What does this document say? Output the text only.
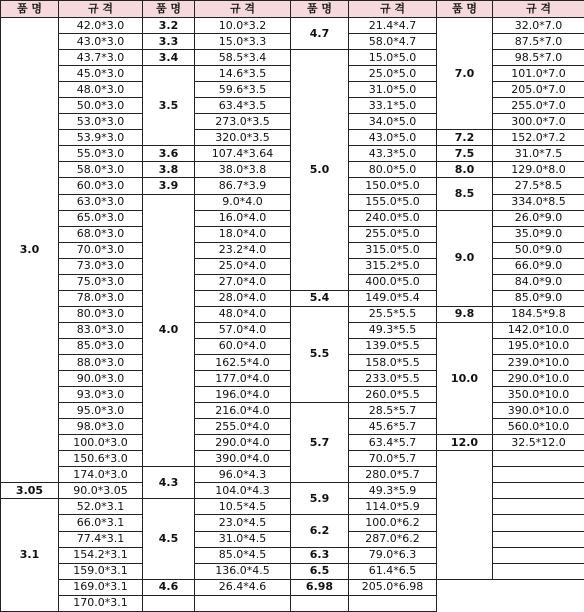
품 명	규 격	품 명	규 격	품 명	규 격	품 명	규 격
3.0	42.0*3.0	3.2	10.0*3.2	4.7	21.4*4.7	7.0	32.0*7.0
	43.0*3.0	3.3	15.0*3.3		58.0*4.7		87.5*7.0
	43.7*3.0	3.4	58.5*3.4	5.0	15.0*5.0		98.5*7.0
	45.0*3.0	3.5	14.6*3.5		25.0*5.0		101.0*7.0
	48.0*3.0		59.6*3.5		31.0*5.0		205.0*7.0
	50.0*3.0		63.4*3.5		33.1*5.0		255.0*7.0
	53.0*3.0		273.0*3.5		34.0*5.0		300.0*7.0
	53.9*3.0		320.0*3.5		43.0*5.0	7.2	152.0*7.2
	55.0*3.0	3.6	107.4*3.64		43.3*5.0	7.5	31.0*7.5
	58.0*3.0	3.8	38.0*3.8		80.0*5.0	8.0	129.0*8.0
	60.0*3.0	3.9	86.7*3.9		150.0*5.0	8.5	27.5*8.5
	63.0*3.0	4.0	9.0*4.0		155.0*5.0		334.0*8.5
	65.0*3.0		16.0*4.0		240.0*5.0	9.0	26.0*9.0
	68.0*3.0		18.0*4.0		255.0*5.0		35.0*9.0
	70.0*3.0		23.2*4.0		315.0*5.0		50.0*9.0
	73.0*3.0		25.0*4.0		315.2*5.0		66.0*9.0
	75.0*3.0		27.0*4.0		400.0*5.0		84.0*9.0
	78.0*3.0		28.0*4.0	5.4	149.0*5.4		85.0*9.0
	80.0*3.0		48.0*4.0	5.5	25.5*5.5	9.8	184.5*9.8
	83.0*3.0		57.0*4.0		49.3*5.5	10.0	142.0*10.0
	85.0*3.0		60.0*4.0		139.0*5.5		195.0*10.0
	88.0*3.0		162.5*4.0		158.0*5.5		239.0*10.0
	90.0*3.0		177.0*4.0		233.0*5.5		290.0*10.0
	93.0*3.0		196.0*4.0		260.0*5.5		350.0*10.0
	95.0*3.0		216.0*4.0	5.7	28.5*5.7		390.0*10.0
	98.0*3.0		255.0*4.0		45.6*5.7		560.0*10.0
	100.0*3.0		290.0*4.0		63.4*5.7	12.0	32.5*12.0
	150.6*3.0		390.0*4.0		70.0*5.7		
	174.0*3.0	4.3	96.0*4.3		280.0*5.7		
3.05	90.0*3.05		104.0*4.3	5.9	49.3*5.9		
3.1	52.0*3.1	4.5	10.5*4.5		114.0*5.9		
	66.0*3.1		23.0*4.5	6.2	100.0*6.2		
	77.4*3.1		31.0*4.5		287.0*6.2		
	154.2*3.1		85.0*4.5	6.3	79.0*6.3		
	159.0*3.1		136.0*4.5	6.5	61.4*6.5		
	169.0*3.1	4.6	26.4*4.6	6.98	205.0*6.98		
	170.0*3.1						
